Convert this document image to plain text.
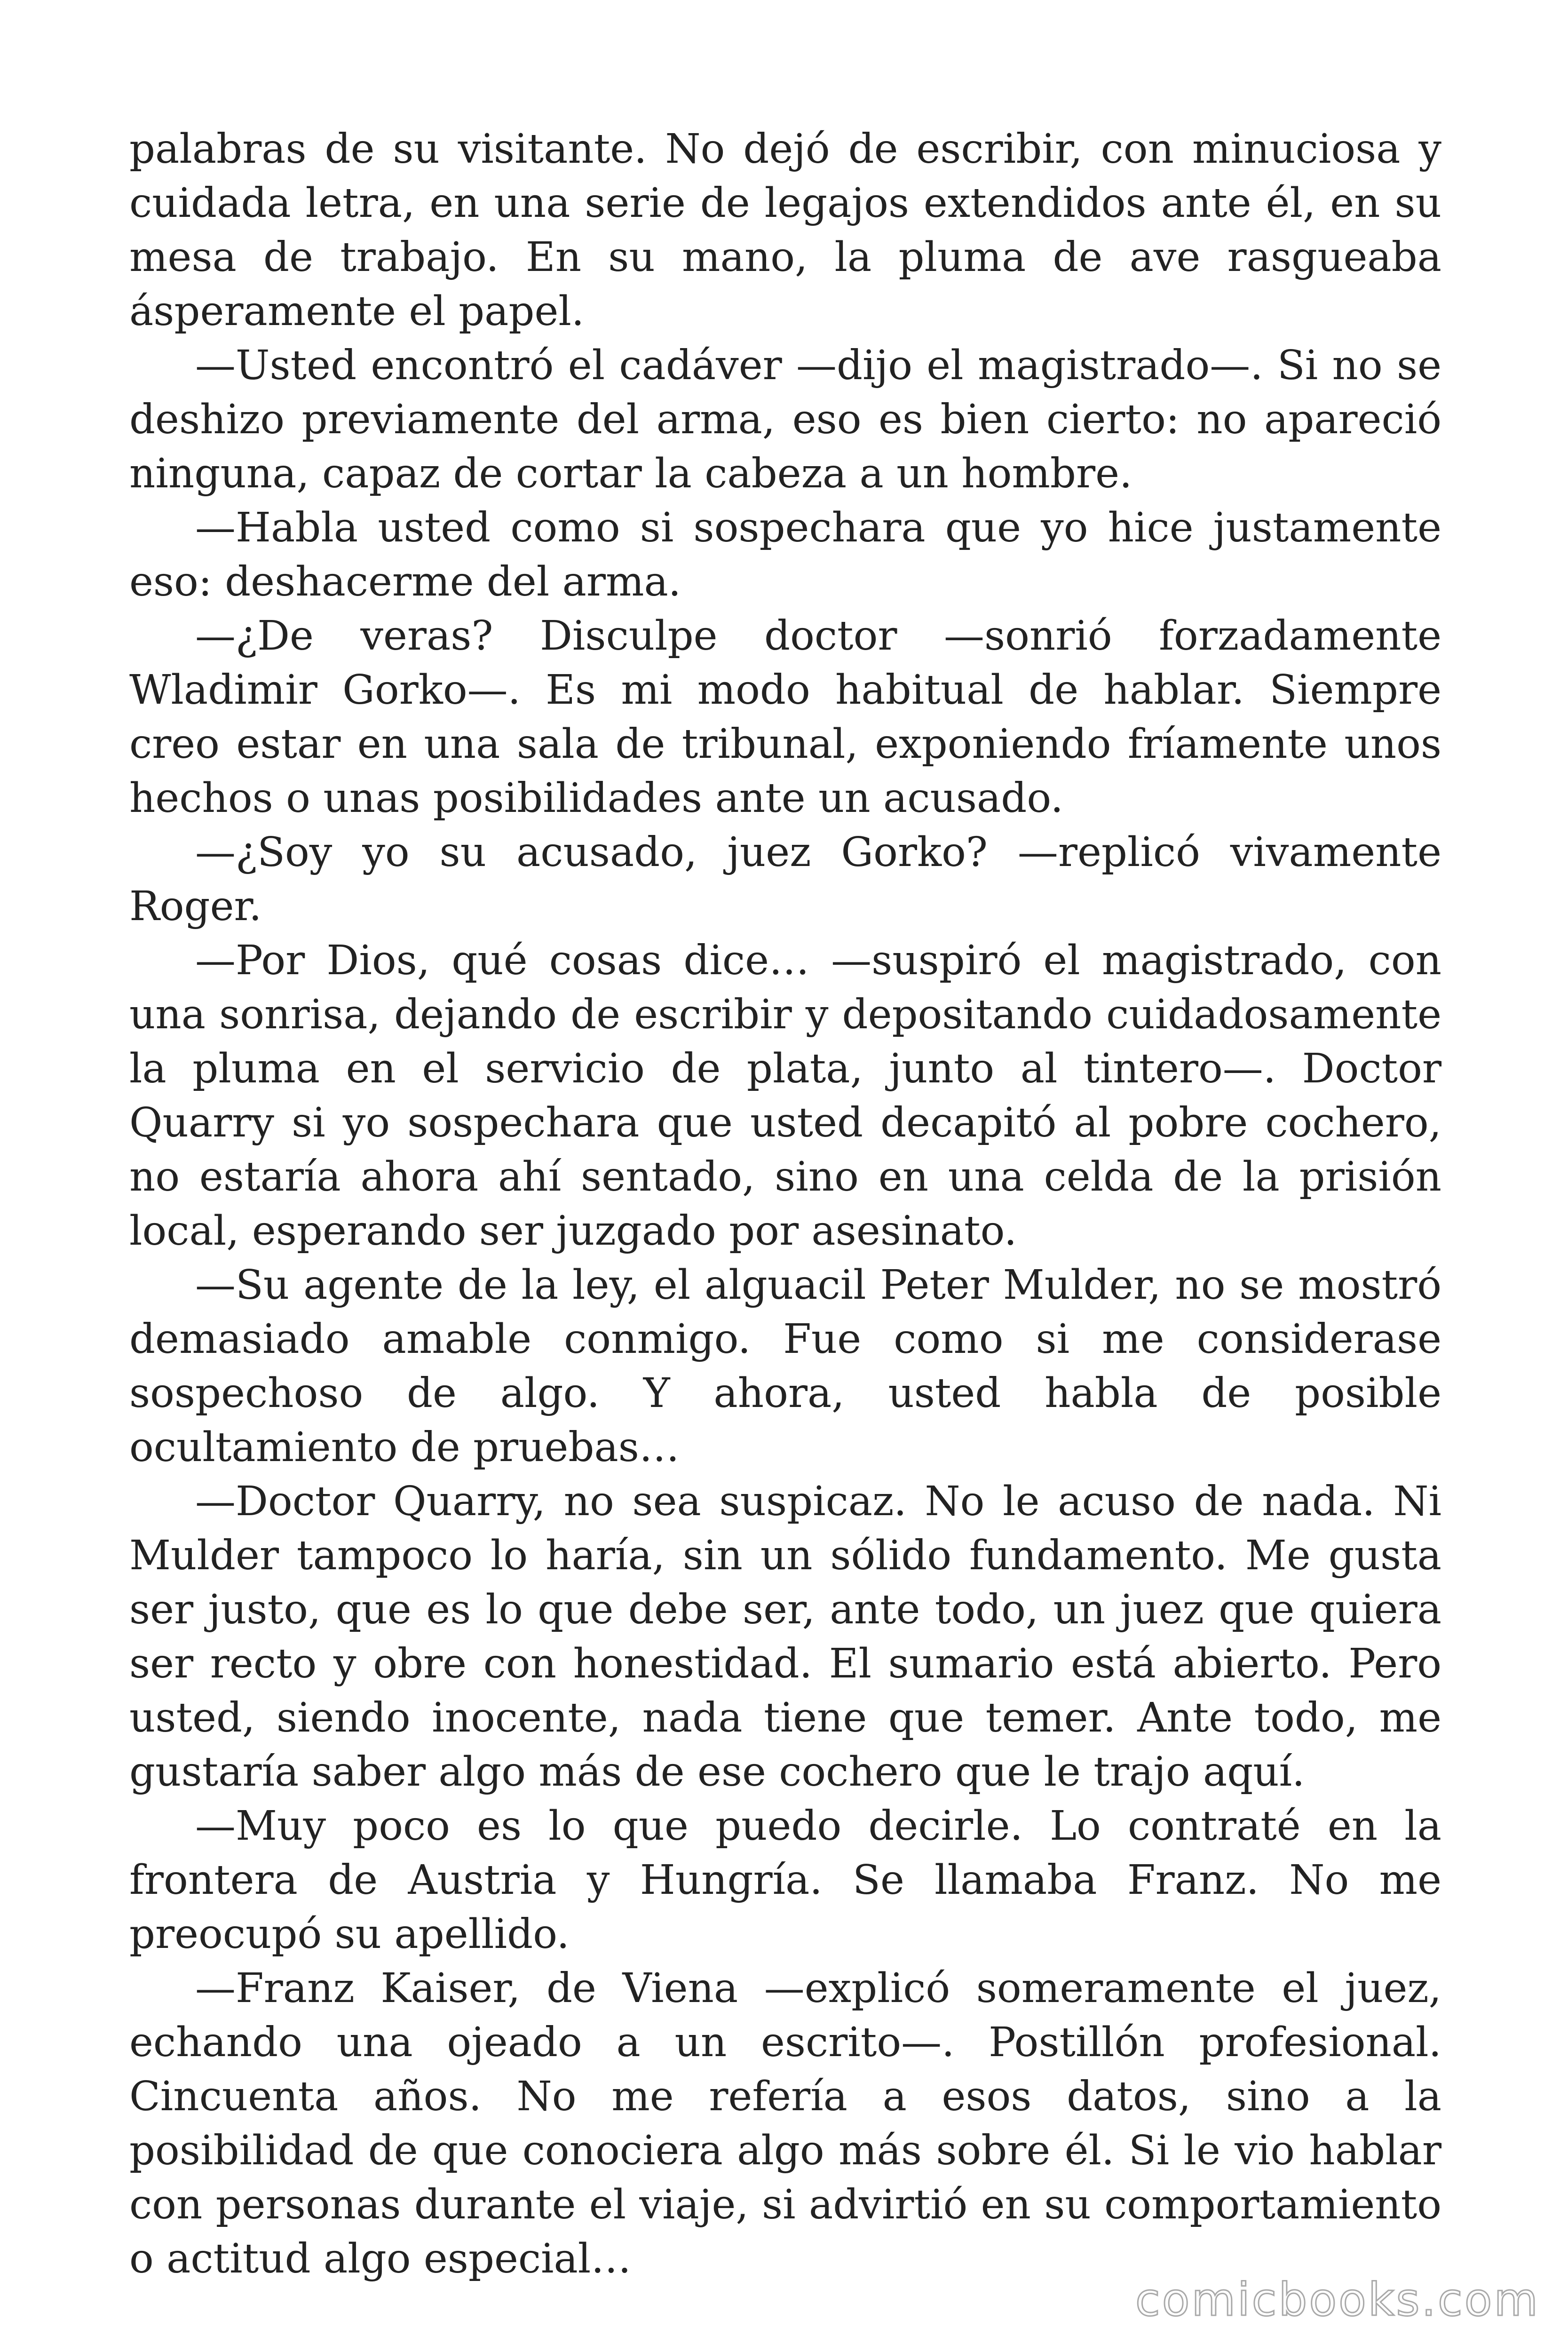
palabras de su visitante. No dejó de escribir, con minuciosa y cuidada letra, en una serie de legajos extendidos ante él, en su mesa de trabajo. En su mano, la pluma de ave rasgueaba ásperamente el papel.

—Usted encontró el cadáver —dijo el magistrado—. Si no se deshizo previamente del arma, eso es bien cierto: no apareció ninguna, capaz de cortar la cabeza a un hombre.

—Habla usted como si sospechara que yo hice justamente eso: deshacerme del arma.

—¿De veras? Disculpe doctor —sonrió forzadamente Wladimir Gorko—. Es mi modo habitual de hablar. Siempre creo estar en una sala de tribunal, exponiendo fríamente unos hechos o unas posibilidades ante un acusado.

—¿Soy yo su acusado, juez Gorko? —replicó vivamente Roger.

—Por Dios, qué cosas dice… —suspiró el magistrado, con una sonrisa, dejando de escribir y depositando cuidadosamente la pluma en el servicio de plata, junto al tintero—. Doctor Quarry si yo sospechara que usted decapitó al pobre cochero, no estaría ahora ahí sentado, sino en una celda de la prisión local, esperando ser juzgado por asesinato.

—Su agente de la ley, el alguacil Peter Mulder, no se mostró demasiado amable conmigo. Fue como si me considerase sospechoso de algo. Y ahora, usted habla de posible ocultamiento de pruebas…

—Doctor Quarry, no sea suspicaz. No le acuso de nada. Ni Mulder tampoco lo haría, sin un sólido fundamento. Me gusta ser justo, que es lo que debe ser, ante todo, un juez que quiera ser recto y obre con honestidad. El sumario está abierto. Pero usted, siendo inocente, nada tiene que temer. Ante todo, me gustaría saber algo más de ese cochero que le trajo aquí.

—Muy poco es lo que puedo decirle. Lo contraté en la frontera de Austria y Hungría. Se llamaba Franz. No me preocupó su apellido.

—Franz Kaiser, de Viena —explicó someramente el juez, echando una ojeado a un escrito—. Postillón profesional. Cincuenta años. No me refería a esos datos, sino a la posibilidad de que conociera algo más sobre él. Si le vio hablar con personas durante el viaje, si advirtió en su comportamiento o actitud algo especial…

comicbooks.com
